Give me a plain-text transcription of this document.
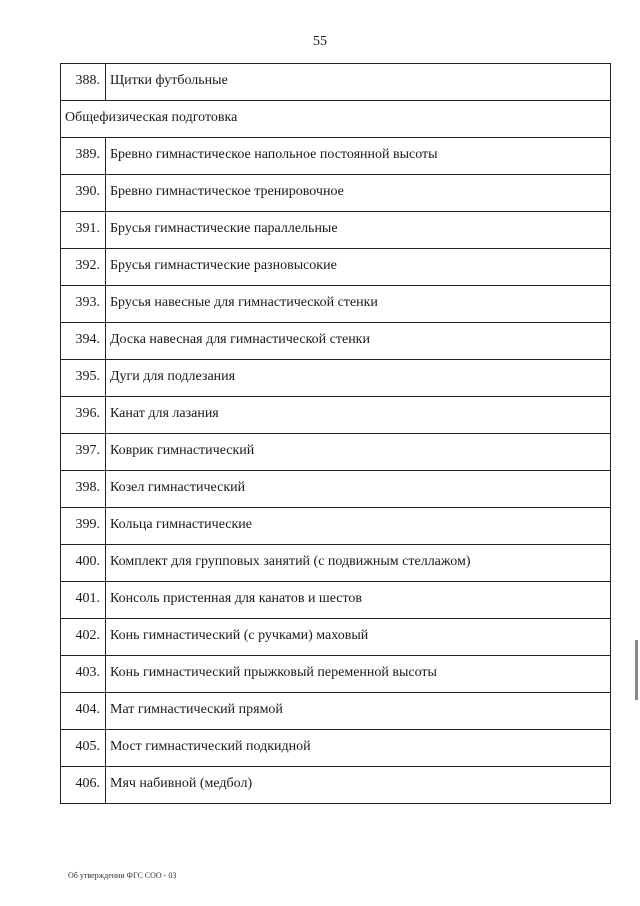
55
388.	Щитки футбольные
Общефизическая подготовка	
389.	Бревно гимнастическое напольное постоянной высоты
390.	Бревно гимнастическое тренировочное
391.	Брусья гимнастические параллельные
392.	Брусья гимнастические разновысокие
393.	Брусья навесные для гимнастической стенки
394.	Доска навесная для гимнастической стенки
395.	Дуги для подлезания
396.	Канат для лазания
397.	Коврик гимнастический
398.	Козел гимнастический
399.	Кольца гимнастические
400.	Комплект для групповых занятий (с подвижным стеллажом)
401.	Консоль пристенная для канатов и шестов
402.	Конь гимнастический (с ручками) маховый
403.	Конь гимнастический прыжковый переменной высоты
404.	Мат гимнастический прямой
405.	Мост гимнастический подкидной
406.	Мяч набивной (медбол)
Об утверждении ФГС СОО - 03
